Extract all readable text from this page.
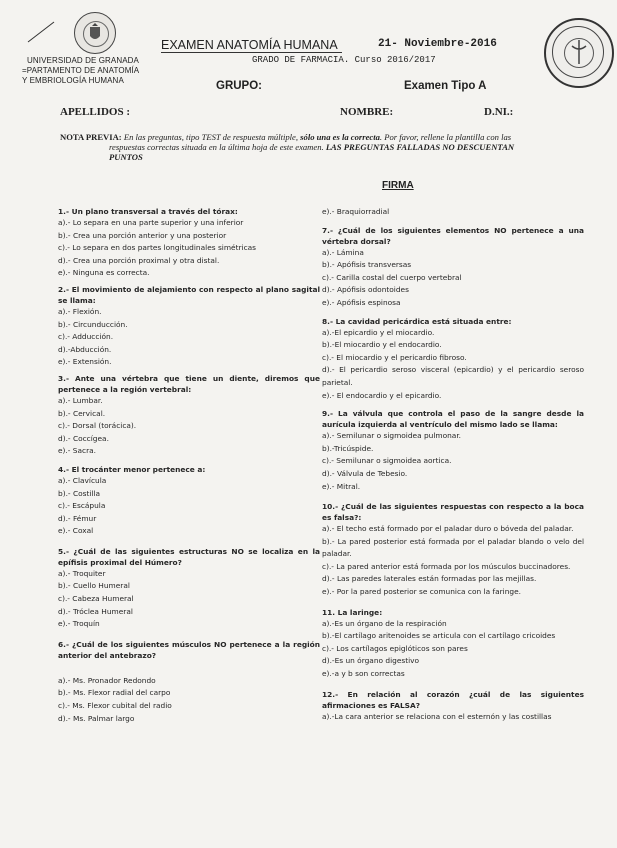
UNIVERSIDAD DE GRANADA
=PARTAMENTO DE ANATOMÍA
Y EMBRIOLOGÍA HUMANA
EXAMEN ANATOMÍA HUMANA	21- Noviembre-2016
GRADO DE FARMACIA. Curso 2016/2017
GRUPO:	Examen Tipo A
APELLIDOS :	NOMBRE:	D.NI.:
NOTA PREVIA: En las preguntas, tipo TEST de respuesta múltiple, sólo una es la correcta. Por favor, rellene la plantilla con las
respuestas correctas situada en la última hoja de este examen. LAS PREGUNTAS FALLADAS NO DESCUENTAN
PUNTOS
FIRMA
1.- Un plano transversal a través del tórax:
a).- Lo separa en una parte superior y una inferior
b).- Crea una porción anterior y una posterior
c).- Lo separa en dos partes longitudinales simétricas
d).- Crea una porción proximal y otra distal.
e).- Ninguna es correcta.
2.- El movimiento de alejamiento con respecto al plano sagital se llama:
a).- Flexión.
b).- Circunducción.
c).- Adducción.
d).-Abducción.
e).- Extensión.
3.- Ante una vértebra que tiene un diente, diremos que pertenece a la región vertebral:
a).- Lumbar.
b).- Cervical.
c).- Dorsal (torácica).
d).- Coccígea.
e).- Sacra.
4.- El trocánter menor pertenece a:
a).- Clavícula
b).- Costilla
c).- Escápula
d).- Fémur
e).- Coxal
5.- ¿Cuál de las siguientes estructuras NO se localiza en la epífisis proximal del Húmero?
a).- Troquiter
b).- Cuello Humeral
c).- Cabeza Humeral
d).- Tróclea Humeral
e).- Troquín
6.- ¿Cuál de los siguientes músculos NO pertenece a la región anterior del antebrazo?
a).- Ms. Pronador Redondo
b).- Ms. Flexor radial del carpo
c).- Ms. Flexor cubital del radio
d).- Ms. Palmar largo
e).- Braquiorradial
7.- ¿Cuál de los siguientes elementos NO pertenece a una vértebra dorsal?
a).- Lámina
b).- Apófisis transversas
c).- Carilla costal del cuerpo vertebral
d).- Apófisis odontoides
e).- Apófisis espinosa
8.- La cavidad pericárdica está situada entre:
a).-El epicardio y el miocardio.
b).-El miocardio y el endocardio.
c).- El miocardio y el pericardio fibroso.
d).- El pericardio seroso visceral (epicardio) y el pericardio seroso parietal.
e).- El endocardio y el epicardio.
9.- La válvula que controla el paso de la sangre desde la aurícula izquierda al ventrículo del mismo lado se llama:
a).- Semilunar o sigmoidea pulmonar.
b).-Tricúspide.
c).- Semilunar o sigmoidea aortica.
d).- Válvula de Tebesio.
e).- Mitral.
10.- ¿Cuál de las siguientes respuestas con respecto a la boca es falsa?:
a).- El techo está formado por el paladar duro o bóveda del paladar.
b).- La pared posterior está formada por el paladar blando o velo del paladar.
c).- La pared anterior está formada por los músculos buccinadores.
d).- Las paredes laterales están formadas por las mejillas.
e).- Por la pared posterior se comunica con la faringe.
11. La laringe:
a).-Es un órgano de la respiración
b).-El cartílago aritenoides se articula con el cartílago cricoides
c).- Los cartílagos epiglóticos son pares
d).-Es un órgano digestivo
e).-a y b son correctas
12.- En relación al corazón ¿cuál de las siguientes afirmaciones es FALSA?
a).-La cara anterior se relaciona con el esternón y las costillas
